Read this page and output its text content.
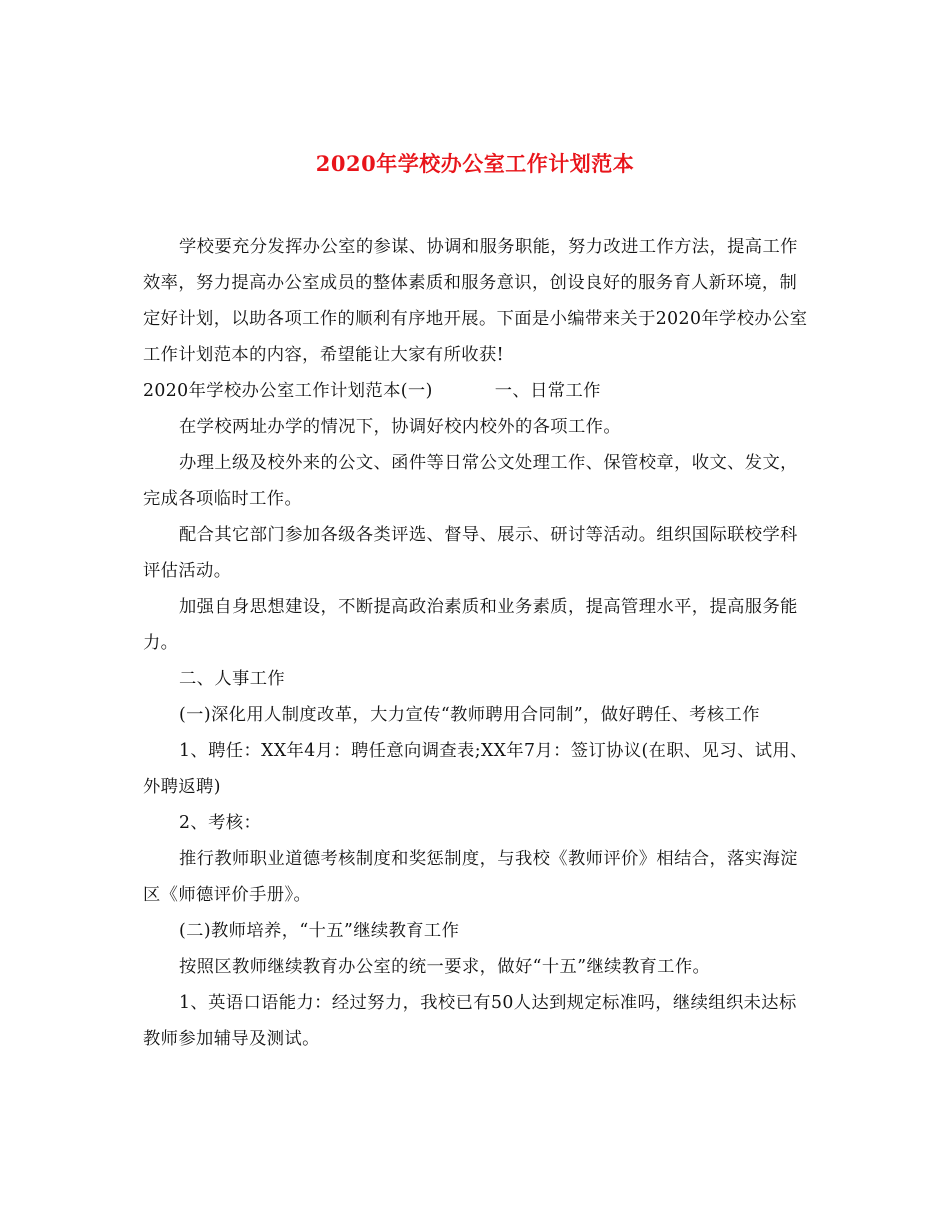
2020年学校办公室工作计划范本

学校要充分发挥办公室的参谋、协调和服务职能，努力改进工作方法，提高工作效率，努力提高办公室成员的整体素质和服务意识，创设良好的服务育人新环境，制定好计划，以助各项工作的顺利有序地开展。下面是小编带来关于2020年学校办公室工作计划范本的内容，希望能让大家有所收获!

2020年学校办公室工作计划范本(一)	一、日常工作

在学校两址办学的情况下，协调好校内校外的各项工作。

办理上级及校外来的公文、函件等日常公文处理工作、保管校章，收文、发文，完成各项临时工作。

配合其它部门参加各级各类评选、督导、展示、研讨等活动。组织国际联校学科评估活动。

加强自身思想建设，不断提高政治素质和业务素质，提高管理水平，提高服务能力。

二、人事工作

(一)深化用人制度改革，大力宣传“教师聘用合同制”，做好聘任、考核工作

1、聘任：XX年4月：聘任意向调查表;XX年7月：签订协议(在职、见习、试用、外聘返聘)

2、考核：

推行教师职业道德考核制度和奖惩制度，与我校《教师评价》相结合，落实海淀区《师德评价手册》。

(二)教师培养，“十五”继续教育工作

按照区教师继续教育办公室的统一要求，做好“十五”继续教育工作。

1、英语口语能力：经过努力，我校已有50人达到规定标准吗，继续组织未达标教师参加辅导及测试。
